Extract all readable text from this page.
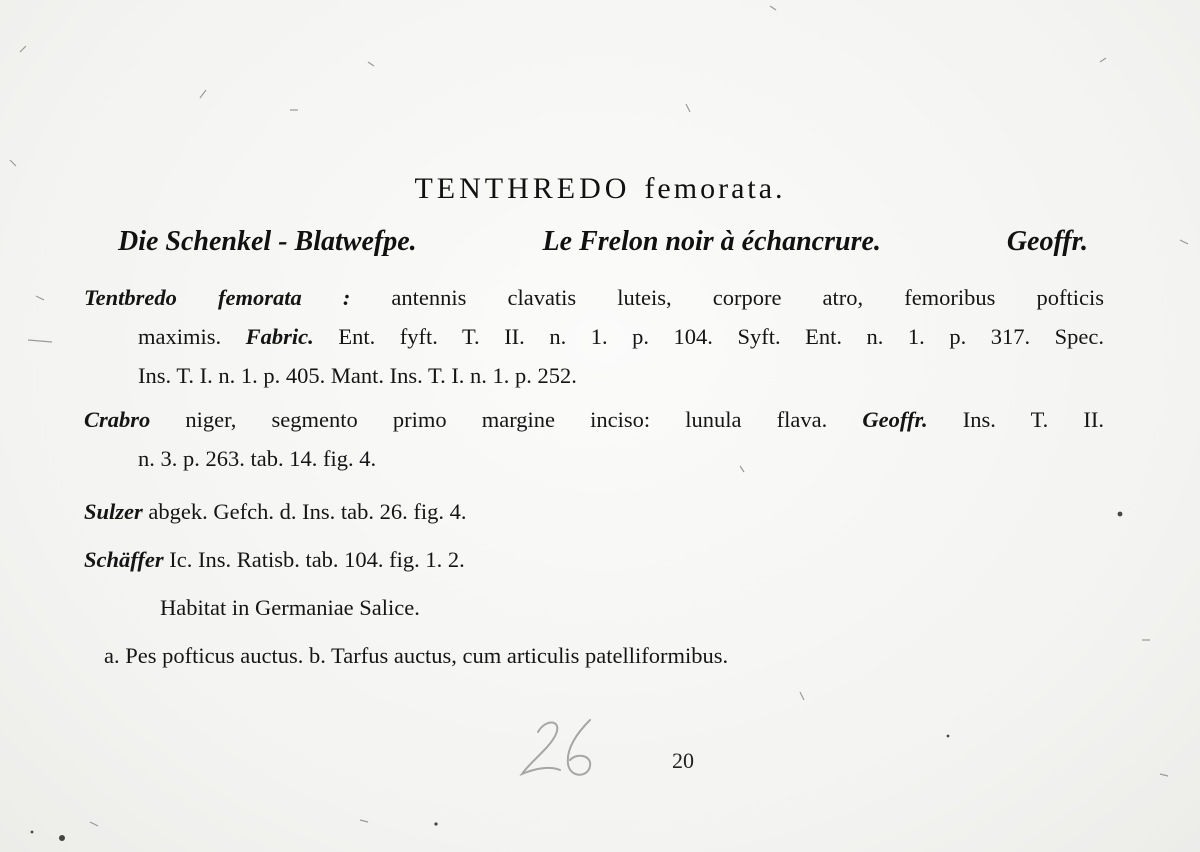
TENTHREDO femorata.
Die Schenkel - Blatwefpe.	Le Frelon noir à échancrure.	Geoffr.
Tentbredo femorata : antennis clavatis luteis, corpore atro, femoribus pofticis
maximis. Fabric. Ent. fyft. T. II. n. 1. p. 104. Syft. Ent. n. 1. p. 317. Spec.
Ins. T. I. n. 1. p. 405. Mant. Ins. T. I. n. 1. p. 252.
Crabro niger, segmento primo margine inciso: lunula flava. Geoffr. Ins. T. II.
n. 3. p. 263. tab. 14. fig. 4.
Sulzer abgek. Gefch. d. Ins. tab. 26. fig. 4.
Schäffer Ic. Ins. Ratisb. tab. 104. fig. 1. 2.
Habitat in Germaniae Salice.
a. Pes pofticus auctus. b. Tarfus auctus, cum articulis patelliformibus.
20
